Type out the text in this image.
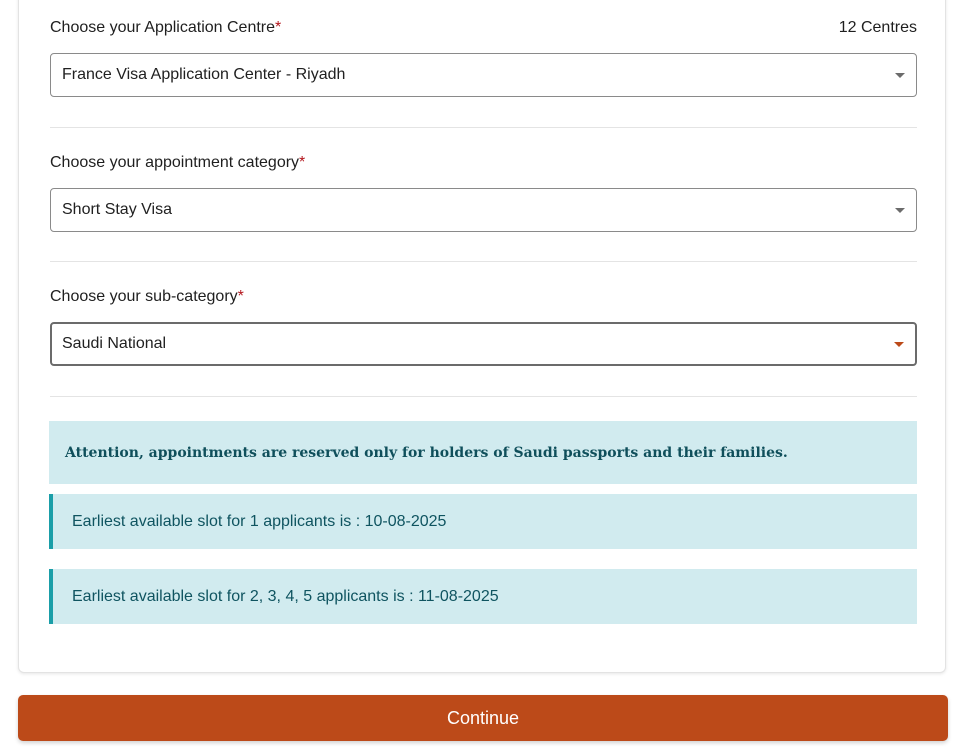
Choose your Application Centre*	12 Centres
France Visa Application Center - Riyadh
Choose your appointment category*
Short Stay Visa
Choose your sub-category*
Saudi National
Attention, appointments are reserved only for holders of Saudi passports and their families.
Earliest available slot for 1 applicants is : 10-08-2025
Earliest available slot for 2, 3, 4, 5 applicants is : 11-08-2025
Continue
